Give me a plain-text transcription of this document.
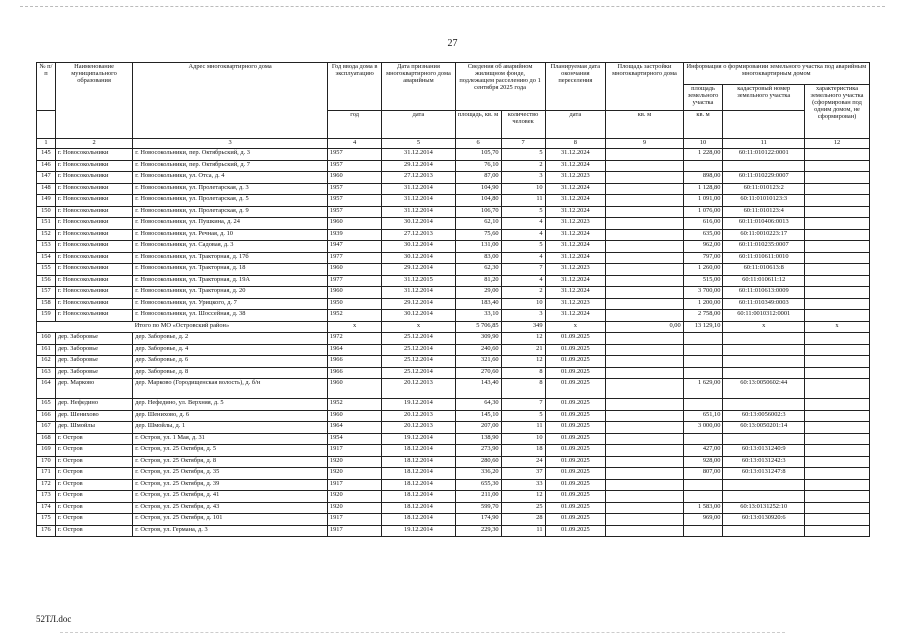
27
№ п/п	Наименование муниципального образования	Адрес многоквартирного дома	Год ввода дома в эксплуатацию	Дата признания многоквартирного дома аварийным	Сведения об аварийном жилищном фонде, подлежащем расселению до 1 сентября 2025 года		Планируемая дата окончания переселения	Площадь застройки многоквартирного дома	Информация о формировании земельного участка под аварийным многоквартирным домом		
									площадь земельного участка	кадастровый номер земельного участка	характеристика земельного участка (сформирован под одним домом, не сформирован)
			год	дата	площадь, кв. м	количество человек	дата	кв. м	кв. м		
1	2	3	4	5	6	7	8	9	10	11	12
145	г. Новосокольники	г. Новосокольники, пер. Октябрьский, д. 3	1957	31.12.2014	105,70	5	31.12.2024		1 228,00	60:11:010122:0001	
146	г. Новосокольники	г. Новосокольники, пер. Октябрьский, д. 7	1957	29.12.2014	76,10	2	31.12.2024				
147	г. Новосокольники	г. Новосокольники, ул. Отса, д. 4	1960	27.12.2013	87,00	3	31.12.2023		898,00	60:11:010229:0007	
148	г. Новосокольники	г. Новосокольники, ул. Пролетарская, д. 3	1957	31.12.2014	104,90	10	31.12.2024		1 128,80	60:11:010123:2	
149	г. Новосокольники	г. Новосокольники, ул. Пролетарская, д. 5	1957	31.12.2014	104,80	11	31.12.2024		1 091,00	60:11:01010123:3	
150	г. Новосокольники	г. Новосокольники, ул. Пролетарская, д. 9	1957	31.12.2014	106,70	5	31.12.2024		1 076,00	60:11:010123:4	
151	г. Новосокольники	г. Новосокольники, ул. Пушкина, д. 24	1960	30.12.2014	62,10	4	31.12.2023		616,00	60:11:010406:0013	
152	г. Новосокольники	г. Новосокольники, ул. Речная, д. 10	1939	27.12.2013	75,60	4	31.12.2024		635,00	60:11:0010223:17	
153	г. Новосокольники	г. Новосокольники, ул. Садовая, д. 3	1947	30.12.2014	131,00	5	31.12.2024		962,00	60:11:010235:0007	
154	г. Новосокольники	г. Новосокольники, ул. Тракторная, д. 17б	1977	30.12.2014	83,00	4	31.12.2024		797,00	60:11:010611:0010	
155	г. Новосокольники	г. Новосокольники, ул. Тракторная, д. 18	1960	29.12.2014	62,30	7	31.12.2023		1 260,00	60:11:010613:8	
156	г. Новосокольники	г. Новосокольники, ул. Тракторная, д. 19А	1977	31.12.2015	81,20	4	31.12.2024		515,00	60:11:010611:12	
157	г. Новосокольники	г. Новосокольники, ул. Тракторная, д. 20	1960	31.12.2014	29,00	2	31.12.2024		3 700,00	60:11:010613:0009	
158	г. Новосокольники	г. Новосокольники, ул. Урицкого, д. 7	1950	29.12.2014	183,40	10	31.12.2023		1 200,00	60:11:010349:0003	
159	г. Новосокольники	г. Новосокольники, ул. Шоссейная, д. 38	1952	30.12.2014	33,10	3	31.12.2024		2 758,00	60:11:0010312:0001	
Итого по МО «Островский район»			x	x	5 706,85	349	x	0,00	13 129,10	x	x
160	дер. Заборовье	дер. Заборовье, д. 2	1972	25.12.2014	309,90	12	01.09.2025				
161	дер. Заборовье	дер. Заборовье, д. 4	1964	25.12.2014	240,60	21	01.09.2025				
162	дер. Заборовье	дер. Заборовье, д. 6	1966	25.12.2014	321,60	12	01.09.2025				
163	дер. Заборовье	дер. Заборовье, д. 8	1966	25.12.2014	270,60	8	01.09.2025				
164	дер. Марково	дер. Марково (Городищенская волость), д. б/н	1960	20.12.2013	143,40	8	01.09.2025		1 629,00	60:13:0050602:44	
165	дер. Нефедино	дер. Нефедино, ул. Верхняя, д. 5	1952	19.12.2014	64,30	7	01.09.2025				
166	дер. Шенихово	дер. Шенихово, д. 6	1960	20.12.2013	145,10	5	01.09.2025		651,10	60:13:0056002:3	
167	дер. Шмойлы	дер. Шмойлы, д. 1	1964	20.12.2013	207,00	11	01.09.2025		3 000,00	60:13:0050201:14	
168	г. Остров	г. Остров, ул. 1 Мая, д. 31	1954	19.12.2014	138,90	10	01.09.2025				
169	г. Остров	г. Остров, ул. 25 Октября, д. 5	1917	18.12.2014	273,90	18	01.09.2025		427,00	60:13:0131240:9	
170	г. Остров	г. Остров, ул. 25 Октября, д. 8	1920	18.12.2014	280,60	24	01.09.2025		928,00	60:13:0131242:3	
171	г. Остров	г. Остров, ул. 25 Октября, д. 35	1920	18.12.2014	336,20	37	01.09.2025		807,00	60:13:0131247:8	
172	г. Остров	г. Остров, ул. 25 Октября, д. 39	1917	18.12.2014	655,30	33	01.09.2025				
173	г. Остров	г. Остров, ул. 25 Октября, д. 41	1920	18.12.2014	211,00	12	01.09.2025				
174	г. Остров	г. Остров, ул. 25 Октября, д. 43	1920	18.12.2014	599,70	25	01.09.2025		1 583,00	60:13:0131252:10	
175	г. Остров	г. Остров, ул. 25 Октября, д. 101	1917	18.12.2014	174,90	28	01.09.2025		969,00	60:13:0130920:6	
176	г. Остров	г. Остров, ул. Германа, д. 3	1917	19.12.2014	229,30	11	01.09.2025				
52ТЛ.doc
